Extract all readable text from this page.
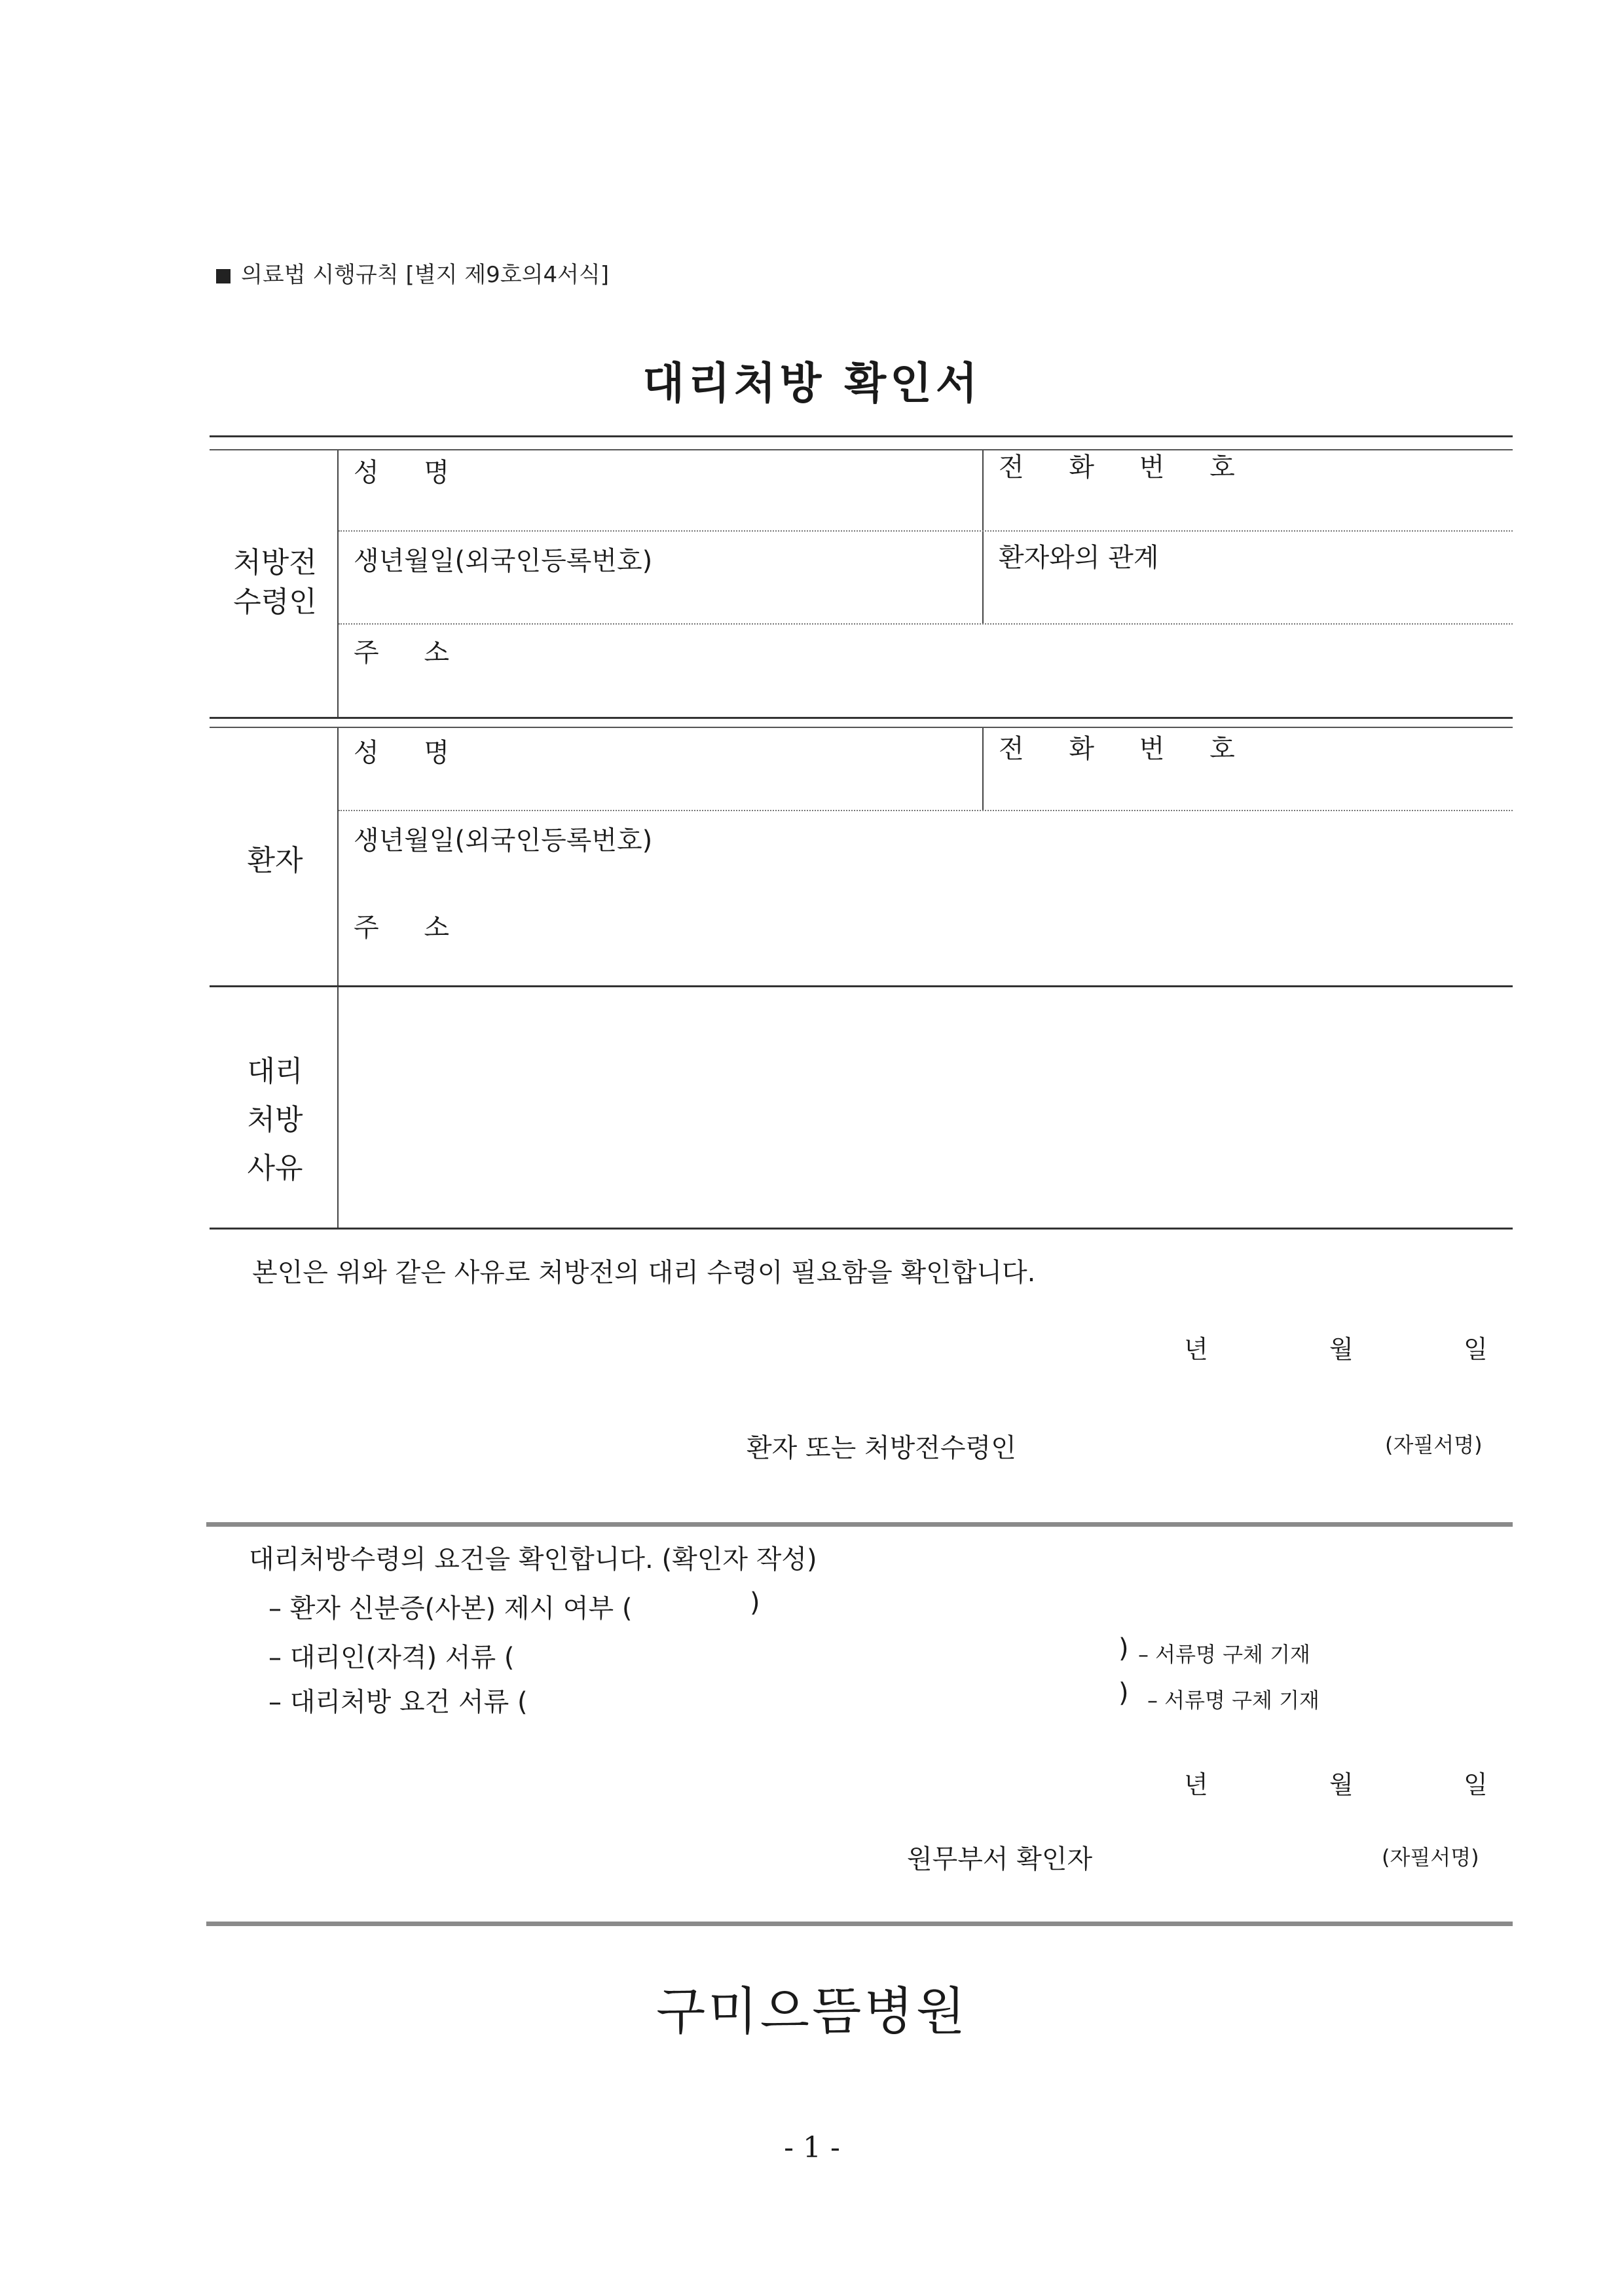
의료법 시행규칙 [별지 제9호의4서식]
대리처방 확인서
성 명	전 화 번 호
생년월일(외국인등록번호)	환자와의 관계
주 소
처방전
수령인
성 명	전 화 번 호
생년월일(외국인등록번호)
주 소
환자
대리
처방
사유
본인은 위와 같은 사유로 처방전의 대리 수령이 필요함을 확인합니다.
년	월	일
환자 또는 처방전수령인	(자필서명)
대리처방수령의 요건을 확인합니다. (확인자 작성)
– 환자 신분증(사본) 제시 여부 (	)
– 대리인(자격) 서류 (	) – 서류명 구체 기재
– 대리처방 요건 서류 (	) – 서류명 구체 기재
년	월	일
원무부서 확인자	(자필서명)
구미으뜸병원
- 1 -
